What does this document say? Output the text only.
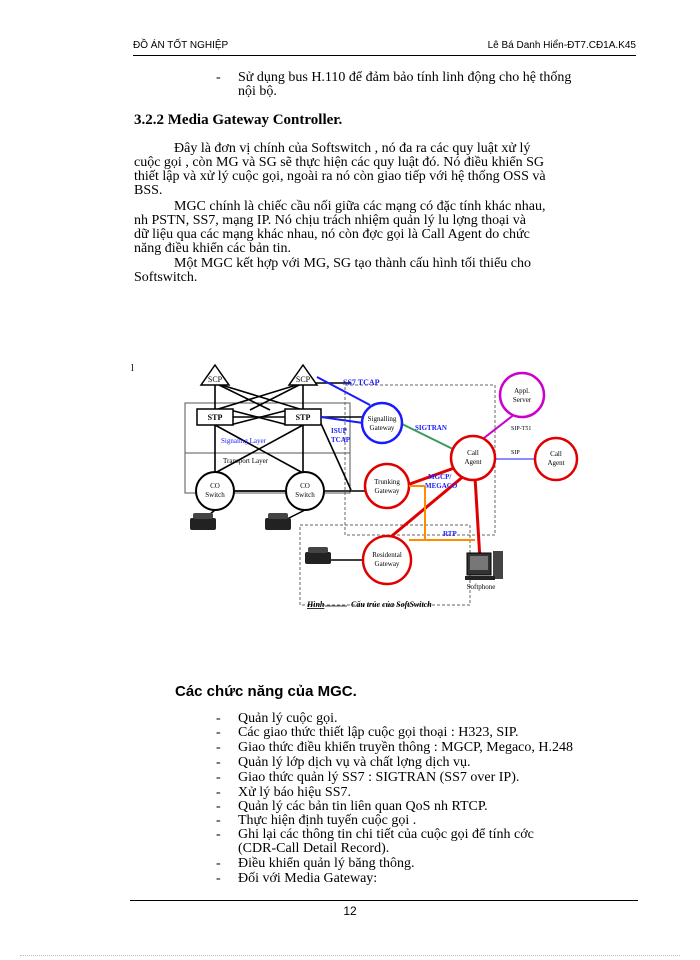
ĐỒ ÁN TỐT NGHIỆP	Lê Bá Danh Hiển-ĐT7.CĐ1A.K45
- Sử dụng bus H.110 để đảm bảo tính linh động cho hệ thống
nội bộ.
3.2.2 Media Gateway Controller.
Đây là đơn vị chính của Softswitch , nó đa ra các quy luật xử lý
cuộc gọi , còn MG và SG sẽ thực hiện các quy luật đó. Nó điều khiển SG
thiết lập và xử lý cuộc gọi, ngoài ra nó còn giao tiếp với hệ thống OSS và
BSS.
MGC chính là chiếc cầu nối giữa các mạng có đặc tính khác nhau,
nh PSTN, SS7, mạng IP. Nó chịu trách nhiệm quản lý lu lợng thoại và
dữ liệu qua các mạng khác nhau, nó còn đợc gọi là Call Agent do chức
năng điều khiển các bản tin.
Một MGC kết hợp với MG, SG tạo thành cấu hình tối thiểu cho
Softswitch.
l
SCP	SCP	SS7 TCAP
STP	STP
Signaling Layer
Transport Layer
ISUP
TCAP
SIGTRAN
Signalling
Gateway	SIP-T51
Appl.
Server
SIP
MGCP/
MEGACO
Call
Agent
Call
Agent
CO
Switch
CO
Switch
Trunking
Gateway
RTP
Residental
Gateway
Softphone
Hình	Cấu trúc của SoftSwitch
Các chức năng của MGC.
- Quản lý cuộc gọi.
- Các giao thức thiết lập cuộc gọi thoại : H323, SIP.
- Giao thức điều khiển truyền thông : MGCP, Megaco, H.248
- Quản lý lớp dịch vụ và chất lợng dịch vụ.
- Giao thức quản lý SS7 : SIGTRAN (SS7 over IP).
- Xử lý báo hiệu SS7.
- Quản lý các bản tin liên quan QoS nh RTCP.
- Thực hiện định tuyến cuộc gọi .
- Ghi lại các thông tin chi tiết của cuộc gọi để tính cớc
(CDR-Call Detail Record).
- Điều khiển quản lý băng thông.
- Đối với Media Gateway:
12
